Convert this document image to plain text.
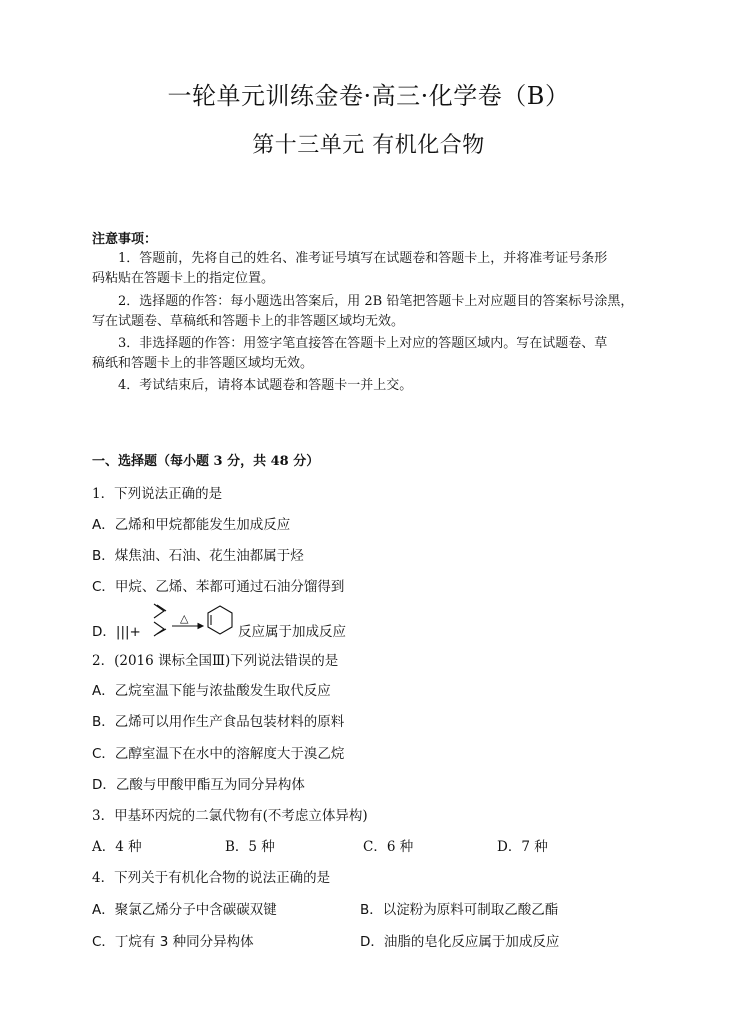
一轮单元训练金卷·高三·化学卷（B）
第十三单元 有机化合物
注意事项：
1．答题前，先将自己的姓名、准考证号填写在试题卷和答题卡上，并将准考证号条形
码粘贴在答题卡上的指定位置。
2．选择题的作答：每小题选出答案后，用 2B 铅笔把答题卡上对应题目的答案标号涂黑，
写在试题卷、草稿纸和答题卡上的非答题区域均无效。
3．非选择题的作答：用签字笔直接答在答题卡上对应的答题区域内。写在试题卷、草
稿纸和答题卡上的非答题区域均无效。
4．考试结束后，请将本试题卷和答题卡一并上交。
一、选择题（每小题 3 分，共 48 分）
1．下列说法正确的是
A．乙烯和甲烷都能发生加成反应
B．煤焦油、石油、花生油都属于烃
C．甲烷、乙烯、苯都可通过石油分馏得到
D．|||+
△
反应属于加成反应
2．(2016 课标全国Ⅲ)下列说法错误的是
A．乙烷室温下能与浓盐酸发生取代反应
B．乙烯可以用作生产食品包装材料的原料
C．乙醇室温下在水中的溶解度大于溴乙烷
D．乙酸与甲酸甲酯互为同分异构体
3．甲基环丙烷的二氯代物有(不考虑立体异构)
A．4 种	B．5 种	C．6 种	D．7 种
4．下列关于有机化合物的说法正确的是
A．聚氯乙烯分子中含碳碳双键	B．以淀粉为原料可制取乙酸乙酯
C．丁烷有 3 种同分异构体	D．油脂的皂化反应属于加成反应
